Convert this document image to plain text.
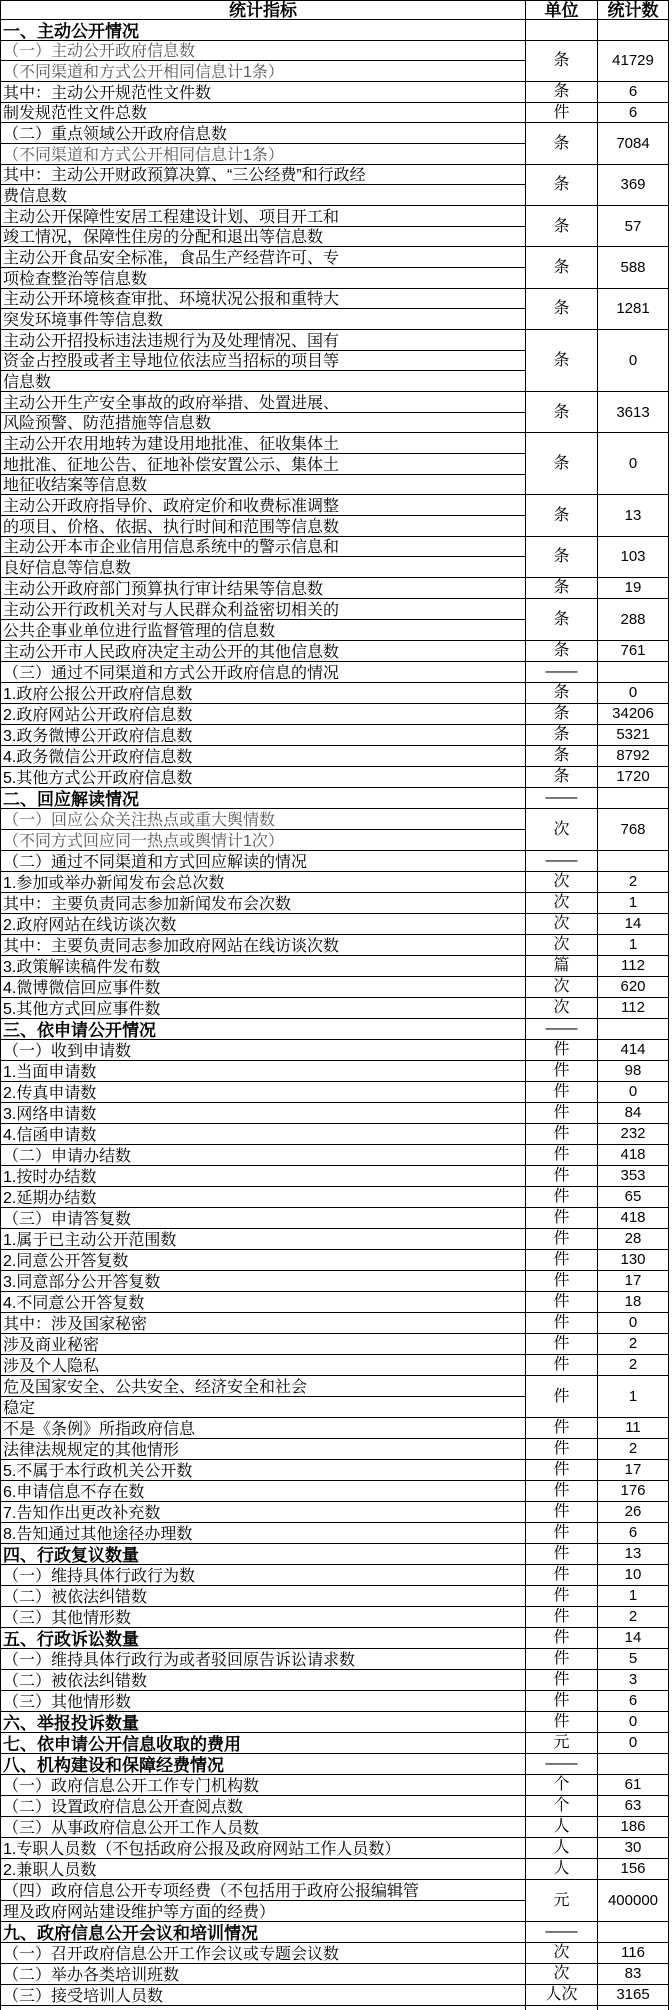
统计指标	单位	统计数
一、主动公开情况		
（一）主动公开政府信息数	条	41729
（不同渠道和方式公开相同信息计1条）		
其中：主动公开规范性文件数	条	6
制发规范性文件总数	件	6
（二）重点领域公开政府信息数	条	7084
（不同渠道和方式公开相同信息计1条）		
其中：主动公开财政预算决算、“三公经费”和行政经	条	369
费信息数		
主动公开保障性安居工程建设计划、项目开工和	条	57
竣工情况，保障性住房的分配和退出等信息数		
主动公开食品安全标准，食品生产经营许可、专	条	588
项检查整治等信息数		
主动公开环境核查审批、环境状况公报和重特大	条	1281
突发环境事件等信息数		
主动公开招投标违法违规行为及处理情况、国有	条	0
资金占控股或者主导地位依法应当招标的项目等		
信息数		
主动公开生产安全事故的政府举措、处置进展、	条	3613
风险预警、防范措施等信息数		
主动公开农用地转为建设用地批准、征收集体土	条	0
地批准、征地公告、征地补偿安置公示、集体土		
地征收结案等信息数		
主动公开政府指导价、政府定价和收费标准调整	条	13
的项目、价格、依据、执行时间和范围等信息数		
主动公开本市企业信用信息系统中的警示信息和	条	103
良好信息等信息数		
主动公开政府部门预算执行审计结果等信息数	条	19
主动公开行政机关对与人民群众利益密切相关的	条	288
公共企事业单位进行监督管理的信息数		
主动公开市人民政府决定主动公开的其他信息数	条	761
（三）通过不同渠道和方式公开政府信息的情况	——	
1.政府公报公开政府信息数	条	0
2.政府网站公开政府信息数	条	34206
3.政务微博公开政府信息数	条	5321
4.政务微信公开政府信息数	条	8792
5.其他方式公开政府信息数	条	1720
二、回应解读情况	——	
（一）回应公众关注热点或重大舆情数	次	768
（不同方式回应同一热点或舆情计1次）		
（二）通过不同渠道和方式回应解读的情况	——	
1.参加或举办新闻发布会总次数	次	2
其中：主要负责同志参加新闻发布会次数	次	1
2.政府网站在线访谈次数	次	14
其中：主要负责同志参加政府网站在线访谈次数	次	1
3.政策解读稿件发布数	篇	112
4.微博微信回应事件数	次	620
5.其他方式回应事件数	次	112
三、依申请公开情况	——	
（一）收到申请数	件	414
1.当面申请数	件	98
2.传真申请数	件	0
3.网络申请数	件	84
4.信函申请数	件	232
（二）申请办结数	件	418
1.按时办结数	件	353
2.延期办结数	件	65
（三）申请答复数	件	418
1.属于已主动公开范围数	件	28
2.同意公开答复数	件	130
3.同意部分公开答复数	件	17
4.不同意公开答复数	件	18
其中：涉及国家秘密	件	0
涉及商业秘密	件	2
涉及个人隐私	件	2
危及国家安全、公共安全、经济安全和社会	件	1
稳定		
不是《条例》所指政府信息	件	11
法律法规规定的其他情形	件	2
5.不属于本行政机关公开数	件	17
6.申请信息不存在数	件	176
7.告知作出更改补充数	件	26
8.告知通过其他途径办理数	件	6
四、行政复议数量	件	13
（一）维持具体行政行为数	件	10
（二）被依法纠错数	件	1
（三）其他情形数	件	2
五、行政诉讼数量	件	14
（一）维持具体行政行为或者驳回原告诉讼请求数	件	5
（二）被依法纠错数	件	3
（三）其他情形数	件	6
六、举报投诉数量	件	0
七、依申请公开信息收取的费用	元	0
八、机构建设和保障经费情况	——	
（一）政府信息公开工作专门机构数	个	61
（二）设置政府信息公开查阅点数	个	63
（三）从事政府信息公开工作人员数	人	186
1.专职人员数（不包括政府公报及政府网站工作人员数）	人	30
2.兼职人员数	人	156
（四）政府信息公开专项经费（不包括用于政府公报编辑管	元	400000
理及政府网站建设维护等方面的经费）		
九、政府信息公开会议和培训情况	——	
（一）召开政府信息公开工作会议或专题会议数	次	116
（二）举办各类培训班数	次	83
（三）接受培训人员数	人次	3165
